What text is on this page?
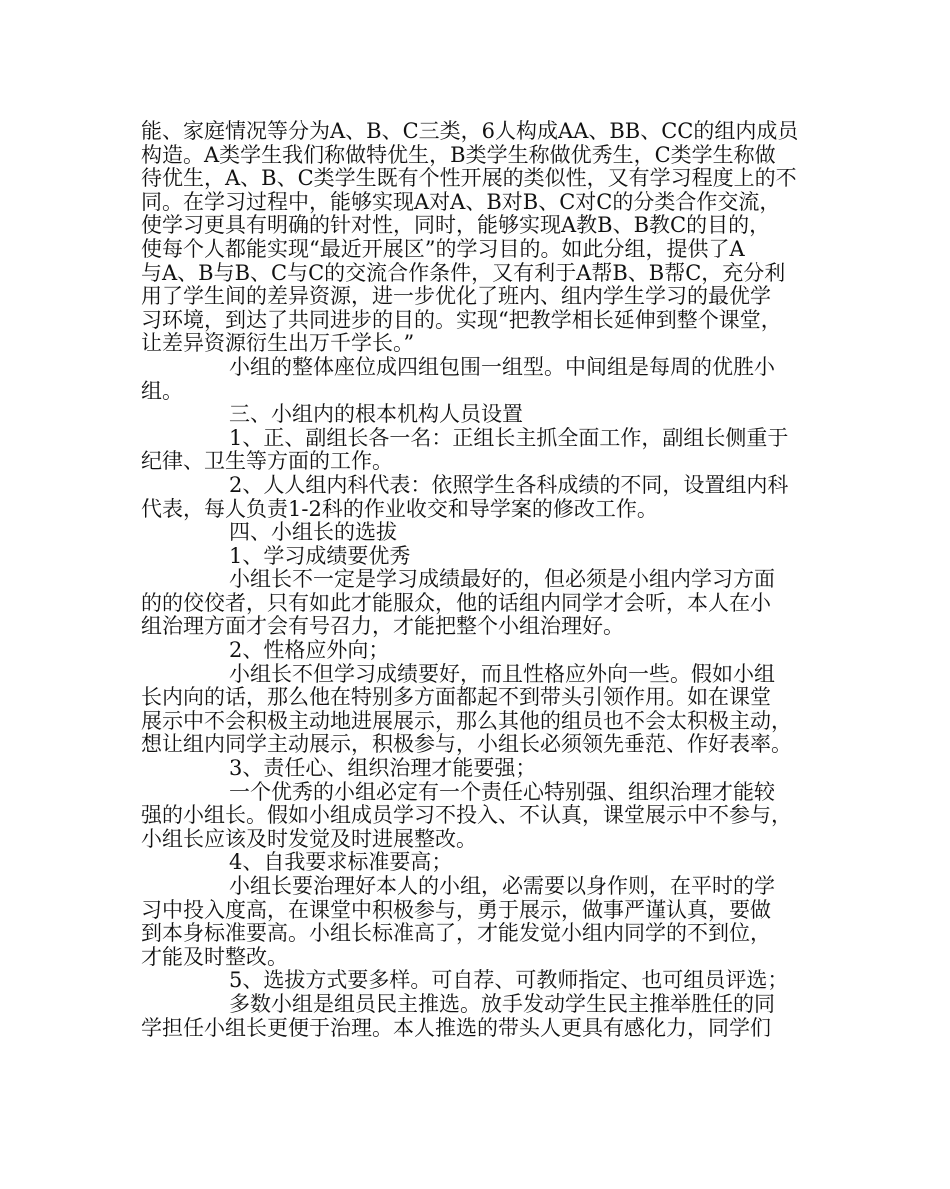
能、家庭情况等分为A、B、C三类，6人构成AA、BB、CC的组内成员
构造。A类学生我们称做特优生，B类学生称做优秀生，C类学生称做
待优生，A、B、C类学生既有个性开展的类似性，又有学习程度上的不
同。在学习过程中，能够实现A对A、B对B、C对C的分类合作交流，
使学习更具有明确的针对性，同时，能够实现A教B、B教C的目的，
使每个人都能实现“最近开展区”的学习目的。如此分组，提供了A
与A、B与B、C与C的交流合作条件，又有利于A帮B、B帮C，充分利
用了学生间的差异资源，进一步优化了班内、组内学生学习的最优学
习环境，到达了共同进步的目的。实现“把教学相长延伸到整个课堂，
让差异资源衍生出万千学长。”
小组的整体座位成四组包围一组型。中间组是每周的优胜小
组。
三、小组内的根本机构人员设置
1、正、副组长各一名：正组长主抓全面工作，副组长侧重于
纪律、卫生等方面的工作。
2、人人组内科代表：依照学生各科成绩的不同，设置组内科
代表，每人负责1-2科的作业收交和导学案的修改工作。
四、小组长的选拔
1、学习成绩要优秀
小组长不一定是学习成绩最好的，但必须是小组内学习方面
的的佼佼者，只有如此才能服众，他的话组内同学才会听，本人在小
组治理方面才会有号召力，才能把整个小组治理好。
2、性格应外向；
小组长不但学习成绩要好，而且性格应外向一些。假如小组
长内向的话，那么他在特别多方面都起不到带头引领作用。如在课堂
展示中不会积极主动地进展展示，那么其他的组员也不会太积极主动，
想让组内同学主动展示，积极参与，小组长必须领先垂范、作好表率。
3、责任心、组织治理才能要强；
一个优秀的小组必定有一个责任心特别强、组织治理才能较
强的小组长。假如小组成员学习不投入、不认真，课堂展示中不参与，
小组长应该及时发觉及时进展整改。
4、自我要求标准要高；
小组长要治理好本人的小组，必需要以身作则，在平时的学
习中投入度高，在课堂中积极参与，勇于展示，做事严谨认真，要做
到本身标准要高。小组长标准高了，才能发觉小组内同学的不到位，
才能及时整改。
5、选拔方式要多样。可自荐、可教师指定、也可组员评选；
多数小组是组员民主推选。放手发动学生民主推举胜任的同
学担任小组长更便于治理。本人推选的带头人更具有感化力，同学们
